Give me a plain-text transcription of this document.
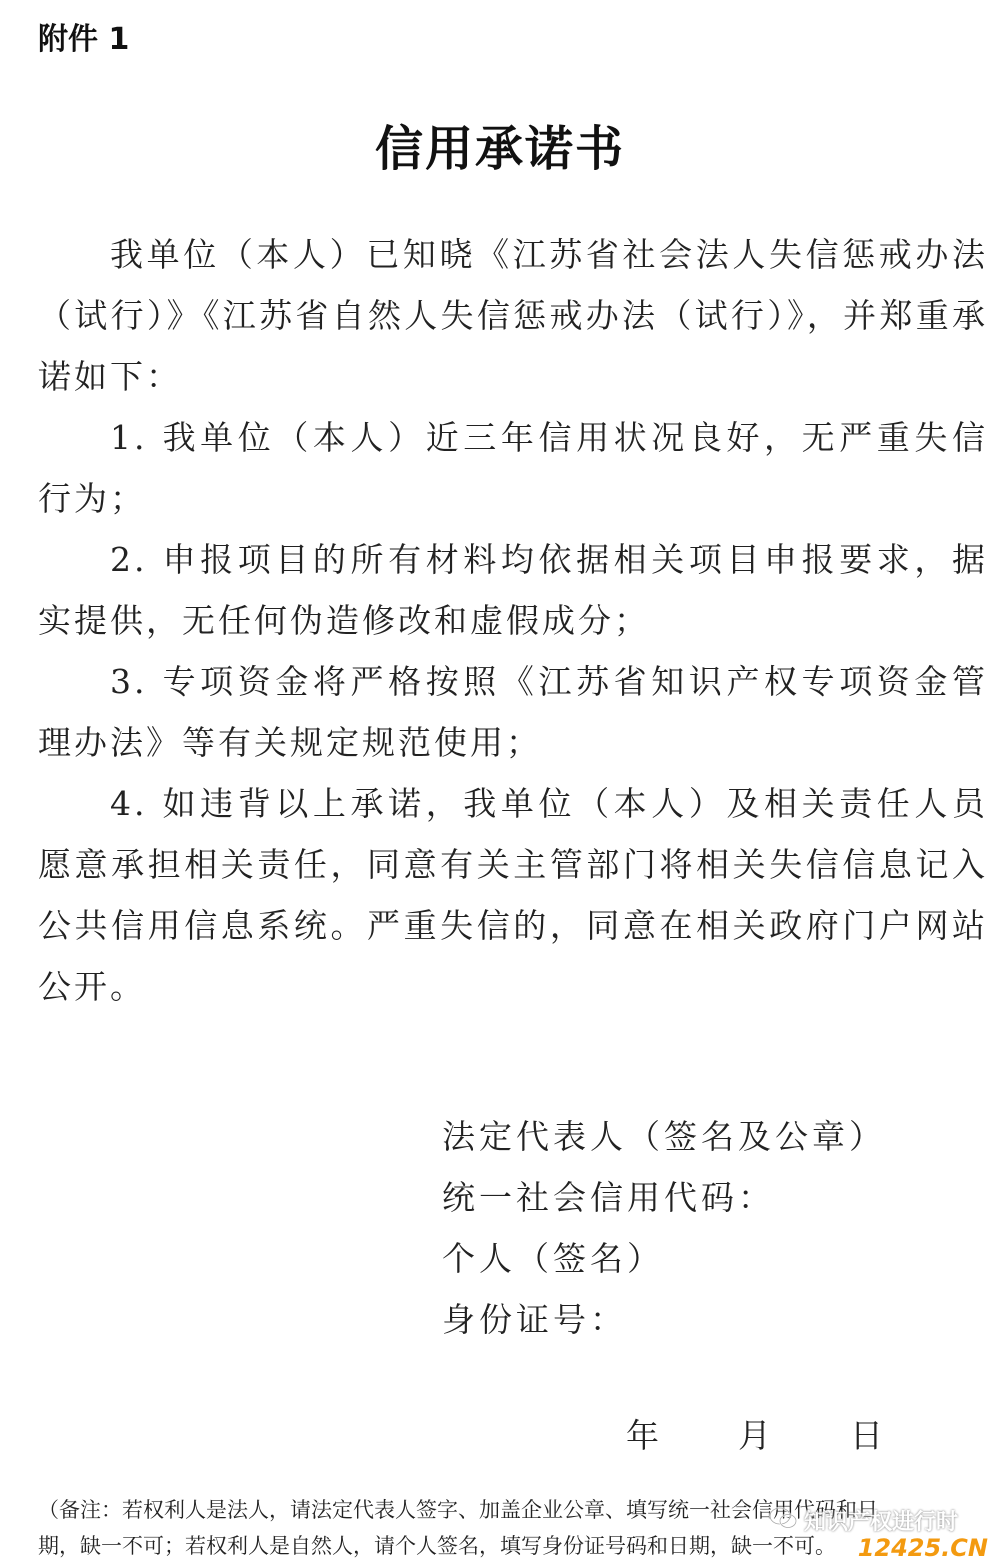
附件 1
信用承诺书

我单位（本人）已知晓《江苏省社会法人失信惩戒办法（试行）》《江苏省自然人失信惩戒办法（试行）》，并郑重承诺如下：

1. 我单位（本人）近三年信用状况良好，无严重失信行为；

2. 申报项目的所有材料均依据相关项目申报要求，据实提供，无任何伪造修改和虚假成分；

3. 专项资金将严格按照《江苏省知识产权专项资金管理办法》等有关规定规范使用；

4. 如违背以上承诺，我单位（本人）及相关责任人员愿意承担相关责任，同意有关主管部门将相关失信信息记入公共信用信息系统。严重失信的，同意在相关政府门户网站公开。

法定代表人（签名及公章）
统一社会信用代码：
个人（签名）
身份证号：
年 月 日
（备注：若权利人是法人，请法定代表人签字、加盖企业公章、填写统一社会信用代码和日
期，缺一不可；若权利人是自然人，请个人签名，填写身份证号码和日期，缺一不可。
知识产权进行时
12425.CN
